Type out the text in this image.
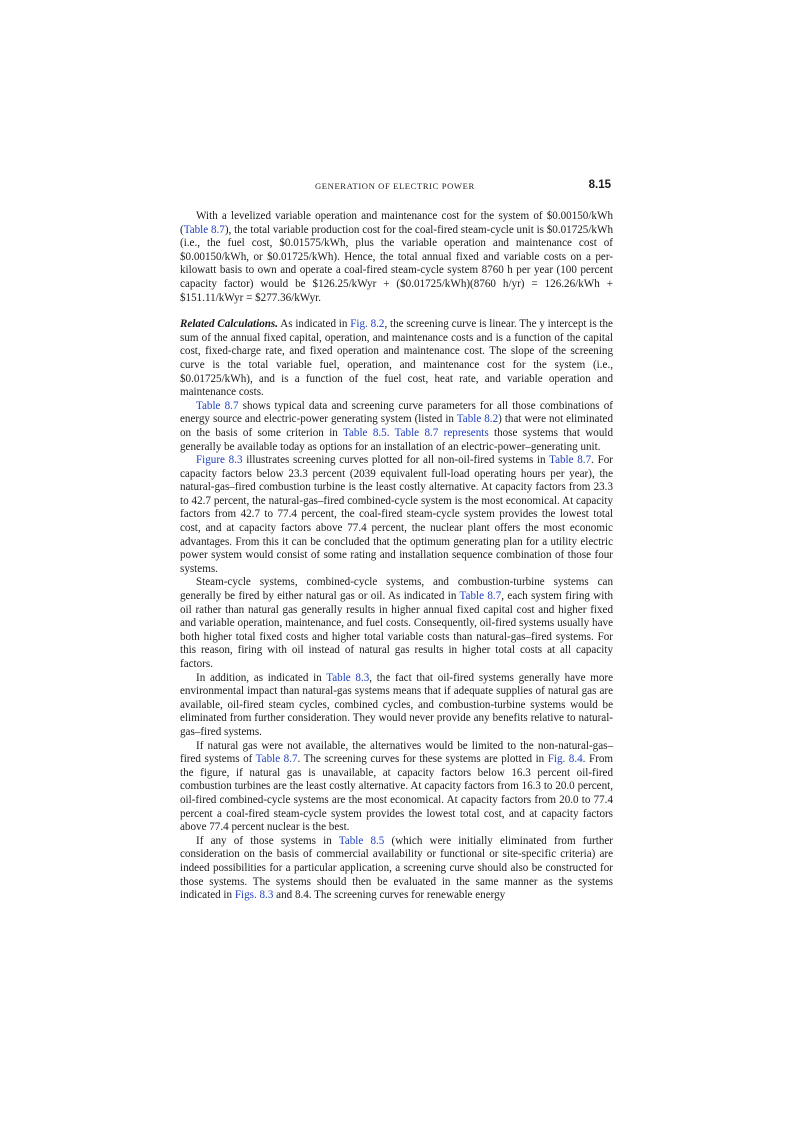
GENERATION OF ELECTRIC POWER	8.15

With a levelized variable operation and maintenance cost for the system of $0.00150/kWh (Table 8.7), the total variable production cost for the coal-fired steam-cycle unit is $0.01725/kWh (i.e., the fuel cost, $0.01575/kWh, plus the variable operation and maintenance cost of $0.00150/kWh, or $0.01725/kWh). Hence, the total annual fixed and variable costs on a per-kilowatt basis to own and operate a coal-fired steam-cycle system 8760 h per year (100 percent capacity factor) would be $126.25/kWyr + ($0.01725/kWh)(8760 h/yr) = 126.26/kWh + $151.11/kWyr = $277.36/kWyr.

Related Calculations. As indicated in Fig. 8.2, the screening curve is linear. The y intercept is the sum of the annual fixed capital, operation, and maintenance costs and is a function of the capital cost, fixed-charge rate, and fixed operation and maintenance cost. The slope of the screening curve is the total variable fuel, operation, and maintenance cost for the system (i.e., $0.01725/kWh), and is a function of the fuel cost, heat rate, and variable operation and maintenance costs.

Table 8.7 shows typical data and screening curve parameters for all those combinations of energy source and electric-power generating system (listed in Table 8.2) that were not eliminated on the basis of some criterion in Table 8.5. Table 8.7 represents those systems that would generally be available today as options for an installation of an electric-power–generating unit.

Figure 8.3 illustrates screening curves plotted for all non-oil-fired systems in Table 8.7. For capacity factors below 23.3 percent (2039 equivalent full-load operating hours per year), the natural-gas–fired combustion turbine is the least costly alternative. At capacity factors from 23.3 to 42.7 percent, the natural-gas–fired combined-cycle system is the most economical. At capacity factors from 42.7 to 77.4 percent, the coal-fired steam-cycle system provides the lowest total cost, and at capacity factors above 77.4 percent, the nuclear plant offers the most economic advantages. From this it can be concluded that the optimum generating plan for a utility electric power system would consist of some rating and installation sequence combination of those four systems.

Steam-cycle systems, combined-cycle systems, and combustion-turbine systems can generally be fired by either natural gas or oil. As indicated in Table 8.7, each system firing with oil rather than natural gas generally results in higher annual fixed capital cost and higher fixed and variable operation, maintenance, and fuel costs. Consequently, oil-fired systems usually have both higher total fixed costs and higher total variable costs than natural-gas–fired systems. For this reason, firing with oil instead of natural gas results in higher total costs at all capacity factors.

In addition, as indicated in Table 8.3, the fact that oil-fired systems generally have more environmental impact than natural-gas systems means that if adequate supplies of natural gas are available, oil-fired steam cycles, combined cycles, and combustion-turbine systems would be eliminated from further consideration. They would never provide any benefits relative to natural-gas–fired systems.

If natural gas were not available, the alternatives would be limited to the non-natural-gas–fired systems of Table 8.7. The screening curves for these systems are plotted in Fig. 8.4. From the figure, if natural gas is unavailable, at capacity factors below 16.3 percent oil-fired combustion turbines are the least costly alternative. At capacity factors from 16.3 to 20.0 percent, oil-fired combined-cycle systems are the most economical. At capacity factors from 20.0 to 77.4 percent a coal-fired steam-cycle system provides the lowest total cost, and at capacity factors above 77.4 percent nuclear is the best.

If any of those systems in Table 8.5 (which were initially eliminated from further consideration on the basis of commercial availability or functional or site-specific criteria) are indeed possibilities for a particular application, a screening curve should also be constructed for those systems. The systems should then be evaluated in the same manner as the systems indicated in Figs. 8.3 and 8.4. The screening curves for renewable energy
